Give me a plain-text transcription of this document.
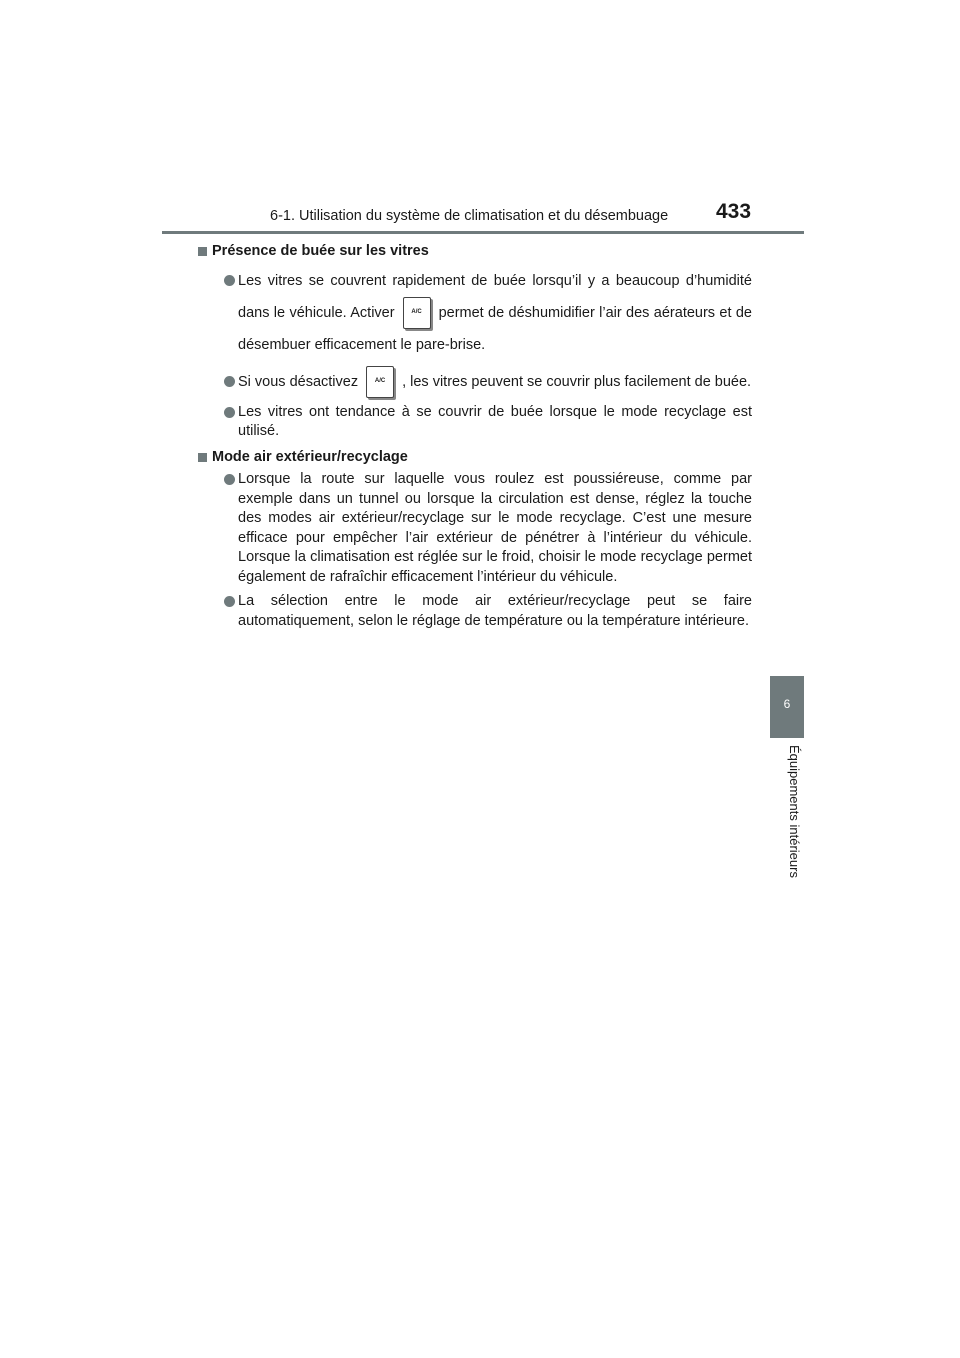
6-1. Utilisation du système de climatisation et du désembuage 433
6
Équipements intérieurs
Présence de buée sur les vitres
Les vitres se couvrent rapidement de buée lorsqu’il y a beaucoup d’humidité dans le véhicule. Activer	A/C permet de déshumidifier l’air des aérateurs et de désembuer efficacement le pare-brise.
Si vous désactivez	A/C , les vitres peuvent se couvrir plus facilement de buée.
Les vitres ont tendance à se couvrir de buée lorsque le mode recyclage est utilisé.
Mode air extérieur/recyclage
Lorsque la route sur laquelle vous roulez est poussiéreuse, comme par exemple dans un tunnel ou lorsque la circulation est dense, réglez la touche des modes air extérieur/recyclage sur le mode recyclage. C’est une mesure efficace pour empêcher l’air extérieur de pénétrer à l’intérieur du véhicule. Lorsque la climatisation est réglée sur le froid, choisir le mode recyclage permet également de rafraîchir efficacement l’intérieur du véhicule.
La sélection entre le mode air extérieur/recyclage peut se faire automatiquement, selon le réglage de température ou la température intérieure.
